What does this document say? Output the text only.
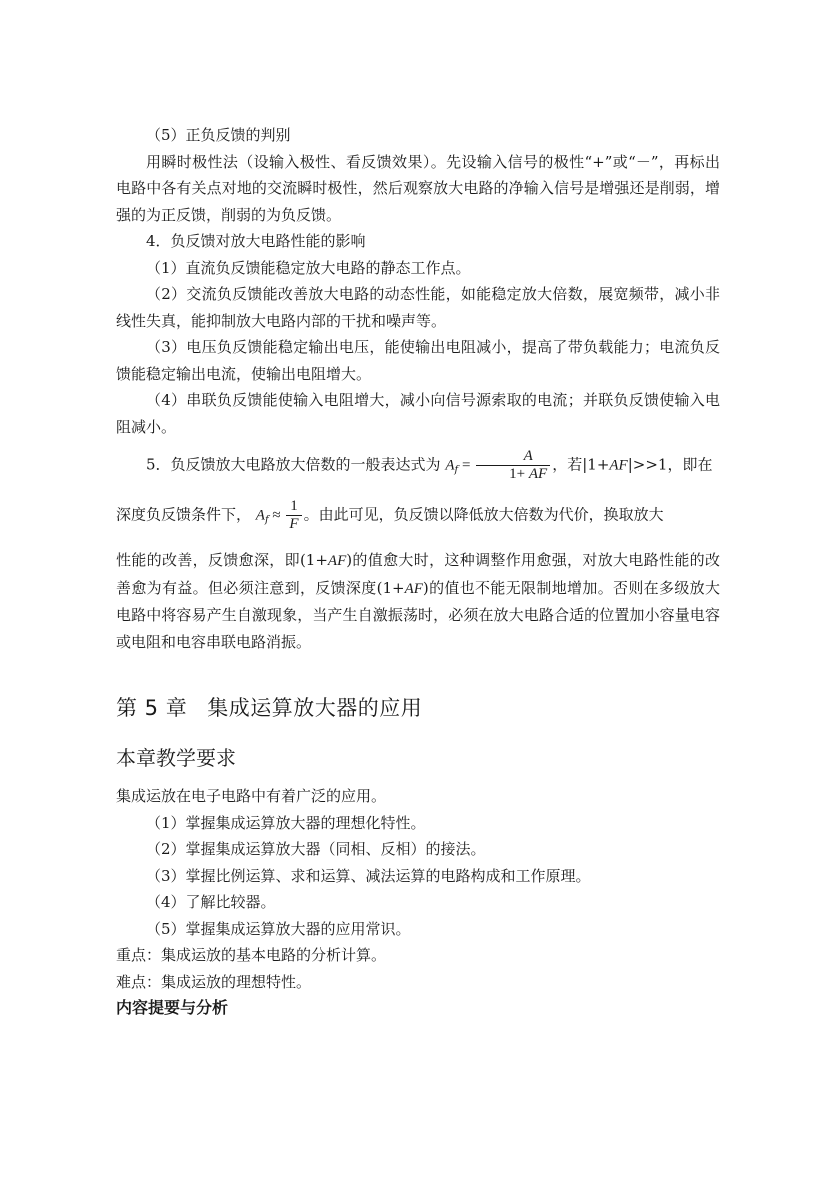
（5）正负反馈的判别

用瞬时极性法（设输入极性、看反馈效果）。先设输入信号的极性“+”或“－”，再标出电路中各有关点对地的交流瞬时极性，然后观察放大电路的净输入信号是增强还是削弱，增强的为正反馈，削弱的为负反馈。

4．负反馈对放大电路性能的影响

（1）直流负反馈能稳定放大电路的静态工作点。

（2）交流负反馈能改善放大电路的动态性能，如能稳定放大倍数，展宽频带，减小非线性失真，能抑制放大电路内部的干扰和噪声等。

（3）电压负反馈能稳定输出电压，能使输出电阻减小，提高了带负载能力；电流负反馈能稳定输出电流，使输出电阻增大。

（4）串联负反馈能使输入电阻增大，减小向信号源索取的电流；并联负反馈使输入电阻减小。

5．负反馈放大电路放大倍数的一般表达式为 $A_f = \frac{A}{1+ AF}$ ，若|1+AF|>>1，即在

深度负反馈条件下， $A_f \approx \frac{1}{F}$ 。由此可见，负反馈以降低放大倍数为代价，换取放大

性能的改善，反馈愈深，即(1+AF)的值愈大时，这种调整作用愈强，对放大电路性能的改善愈为有益。但必须注意到，反馈深度(1+AF)的值也不能无限制地增加。否则在多级放大电路中将容易产生自激现象，当产生自激振荡时，必须在放大电路合适的位置加小容量电容或电阻和电容串联电路消振。

第 5 章 集成运算放大器的应用
本章教学要求

集成运放在电子电路中有着广泛的应用。

（1）掌握集成运算放大器的理想化特性。

（2）掌握集成运算放大器（同相、反相）的接法。

（3）掌握比例运算、求和运算、减法运算的电路构成和工作原理。

（4）了解比较器。

（5）掌握集成运算放大器的应用常识。

重点：集成运放的基本电路的分析计算。

难点：集成运放的理想特性。

内容提要与分析
